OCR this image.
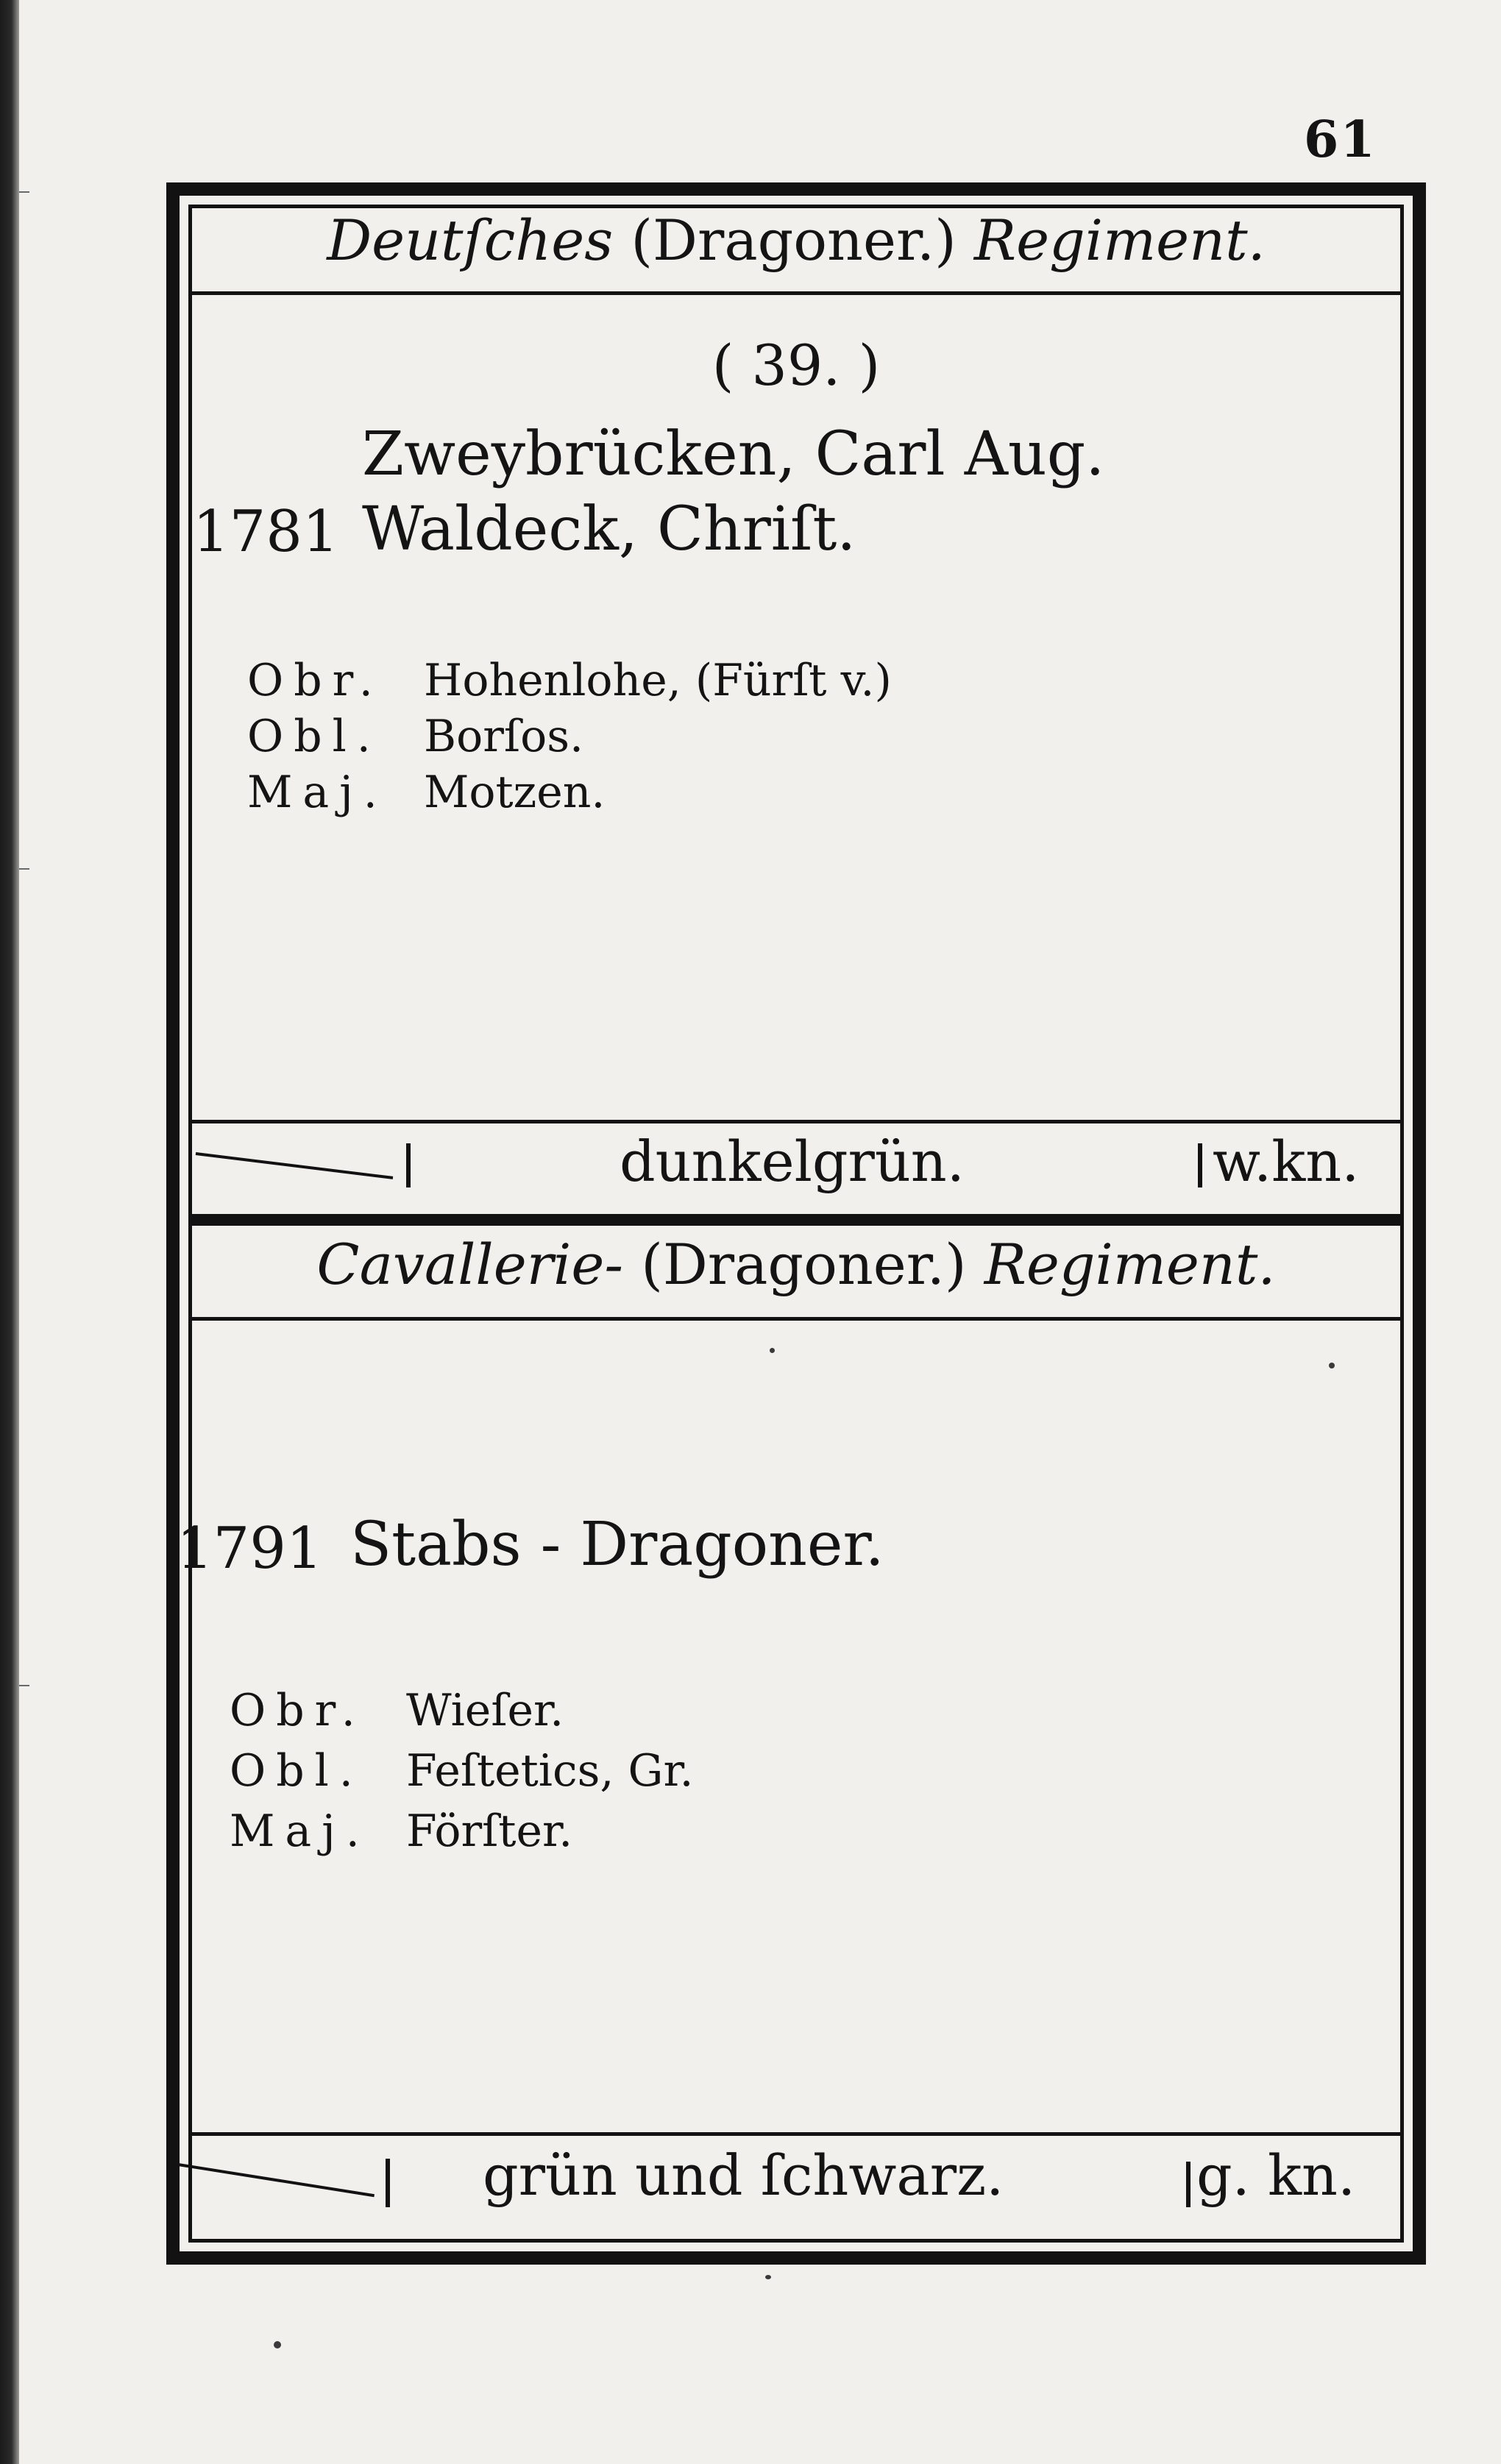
61
Deutſches (Dragoner.) Regiment.
( 39. )
Zweybrücken, Carl Aug.
1781 Waldeck, Chriſt.
Obr. Hohenlohe, (Fürſt v.)
Obl. Borſos.
Maj. Motzen.
dunkelgrün.	w.kn.
Cavallerie- (Dragoner.) Regiment.
1791 Stabs - Dragoner.
Obr. Wieſer.
Obl. Feſtetics, Gr.
Maj. Förſter.
grün und ſchwarz.	g. kn.
